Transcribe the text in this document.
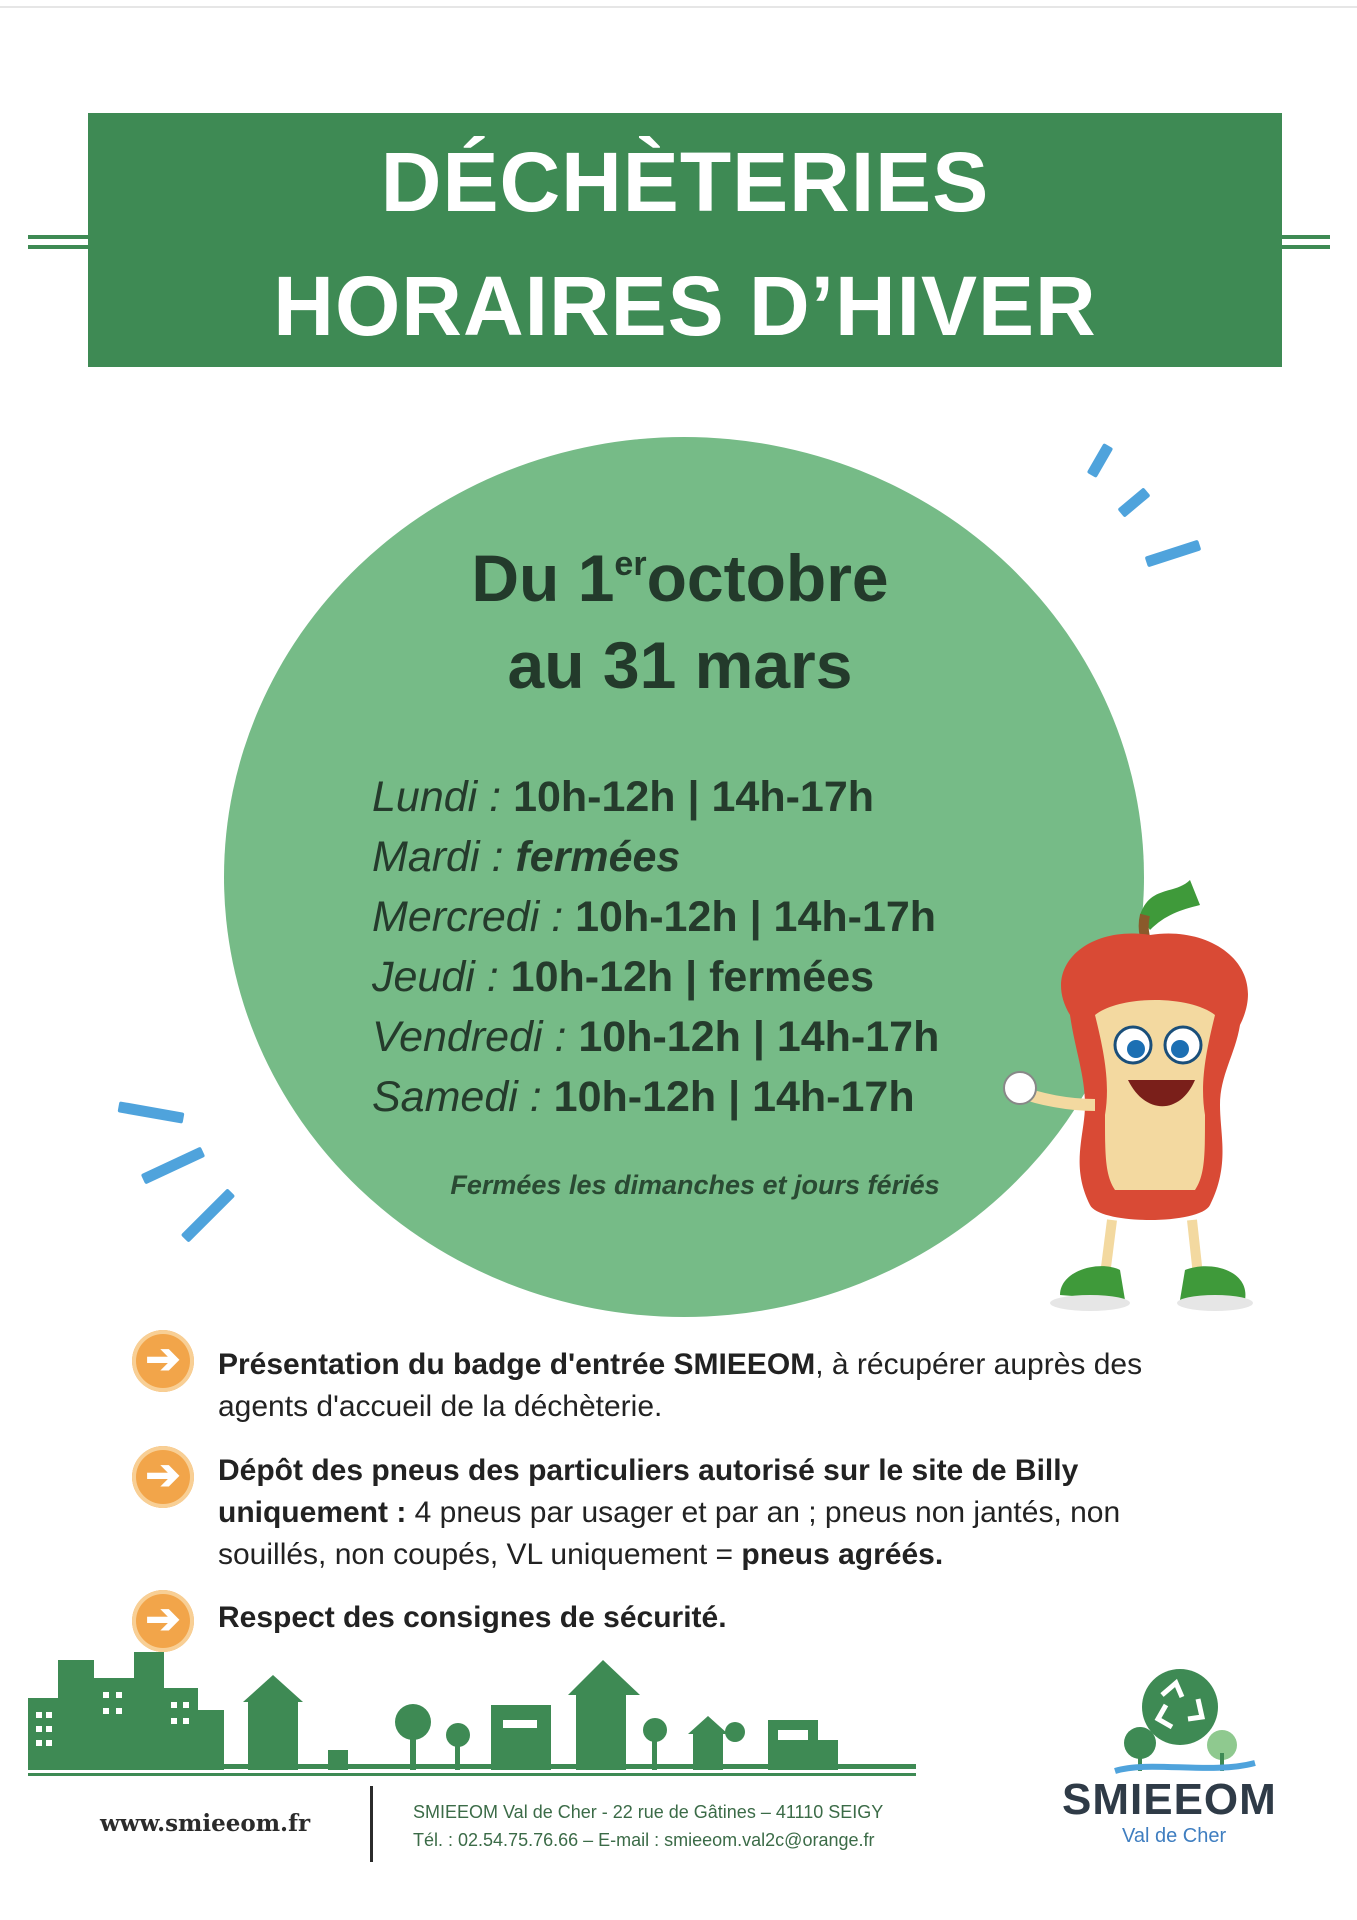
DÉCHÈTERIES
HORAIRES D’HIVER
Du 1eroctobre
au 31 mars
Lundi : 10h-12h | 14h-17h
Mardi : fermées
Mercredi : 10h-12h | 14h-17h
Jeudi : 10h-12h | fermées
Vendredi : 10h-12h | 14h-17h
Samedi : 10h-12h | 14h-17h
Fermées les dimanches et jours fériés
➔	Présentation du badge d'entrée SMIEEOM, à récupérer auprès des agents d'accueil de la déchèterie.
➔	Dépôt des pneus des particuliers autorisé sur le site de Billy uniquement : 4 pneus par usager et par an ; pneus non jantés, non souillés, non coupés, VL uniquement = pneus agréés.
➔	Respect des consignes de sécurité.
www.smieeom.fr	SMIEEOM Val de Cher - 22 rue de Gâtines – 41110 SEIGY
Tél. : 02.54.75.76.66 – E-mail : smieeom.val2c@orange.fr
SMIEEOM
Val de Cher
